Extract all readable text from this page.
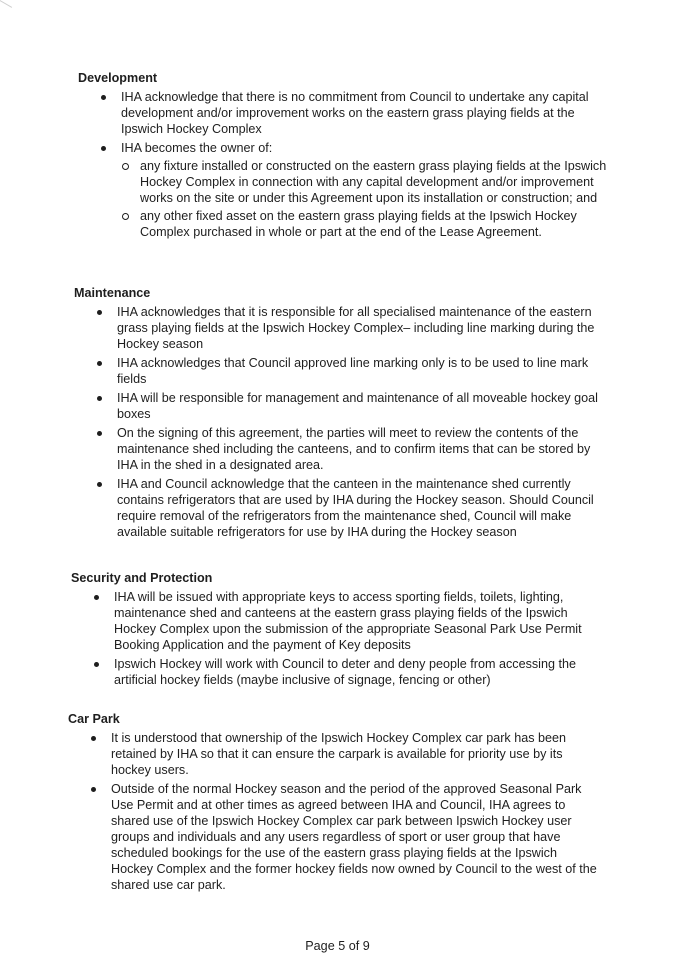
Development
IHA acknowledge that there is no commitment from Council to undertake any capital development and/or improvement works on the eastern grass playing fields at the Ipswich Hockey Complex
IHA becomes the owner of:
any fixture installed or constructed on the eastern grass playing fields at the Ipswich Hockey Complex in connection with any capital development and/or improvement works on the site or under this Agreement upon its installation or construction; and
any other fixed asset on the eastern grass playing fields at the Ipswich Hockey Complex purchased in whole or part at the end of the Lease Agreement.
Maintenance
IHA acknowledges that it is responsible for all specialised maintenance of the eastern grass playing fields at the Ipswich Hockey Complex– including line marking during the Hockey season
IHA acknowledges that Council approved line marking only is to be used to line mark fields
IHA will be responsible for management and maintenance of all moveable hockey goal boxes
On the signing of this agreement, the parties will meet to review the contents of the maintenance shed including the canteens, and to confirm items that can be stored by IHA in the shed in a designated area.
IHA and Council acknowledge that the canteen in the maintenance shed currently contains refrigerators that are used by IHA during the Hockey season. Should Council require removal of the refrigerators from the maintenance shed, Council will make available suitable refrigerators for use by IHA during the Hockey season
Security and Protection
IHA will be issued with appropriate keys to access sporting fields, toilets, lighting, maintenance shed and canteens at the eastern grass playing fields of the Ipswich Hockey Complex upon the submission of the appropriate Seasonal Park Use Permit Booking Application and the payment of Key deposits
Ipswich Hockey will work with Council to deter and deny people from accessing the artificial hockey fields (maybe inclusive of signage, fencing or other)
Car Park
It is understood that ownership of the Ipswich Hockey Complex car park has been retained by IHA so that it can ensure the carpark is available for priority use by its hockey users.
Outside of the normal Hockey season and the period of the approved Seasonal Park Use Permit and at other times as agreed between IHA and Council, IHA agrees to shared use of the Ipswich Hockey Complex car park between Ipswich Hockey user groups and individuals and any users regardless of sport or user group that have scheduled bookings for the use of the eastern grass playing fields at the Ipswich Hockey Complex and the former hockey fields now owned by Council to the west of the shared use car park.
Page 5 of 9
